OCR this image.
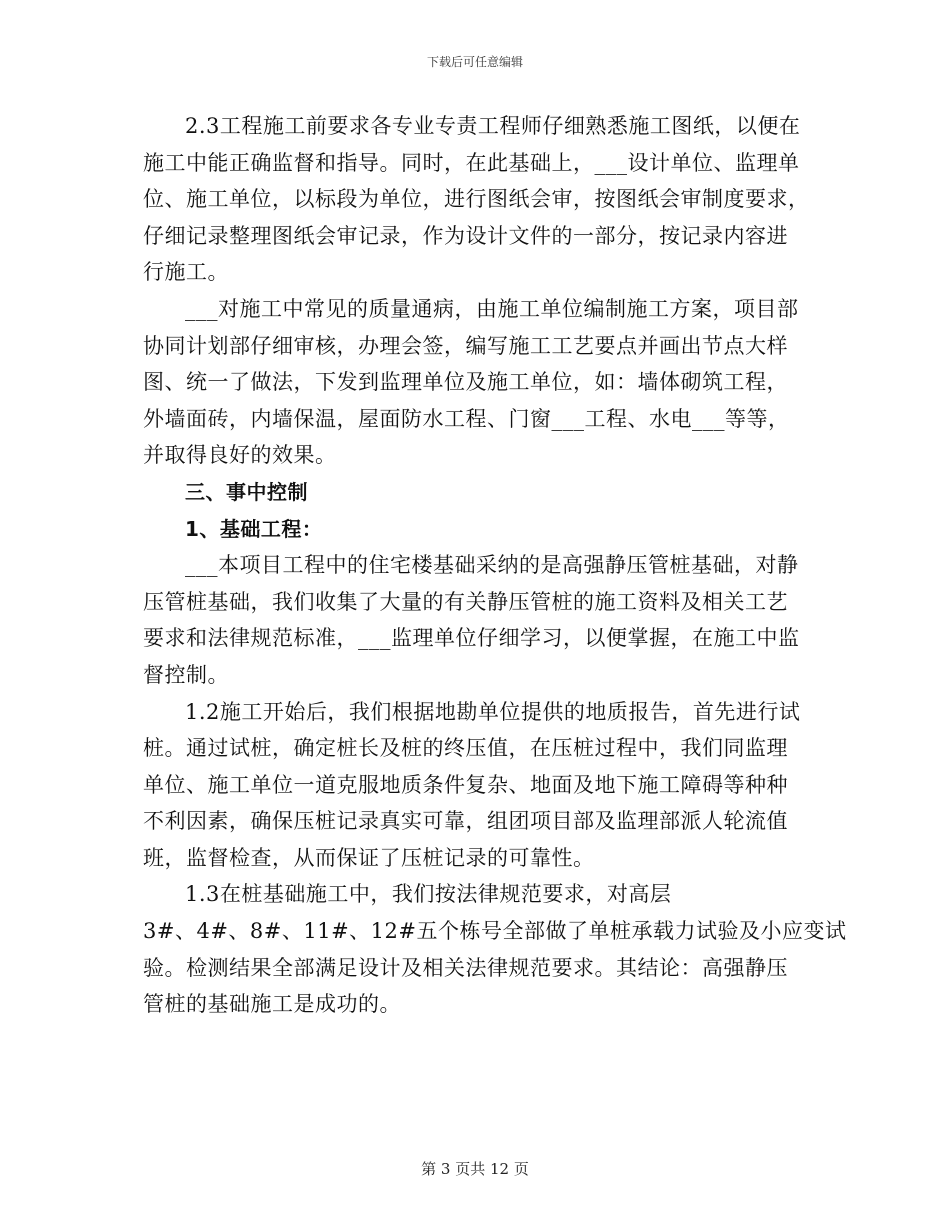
下载后可任意编辑
2.3工程施工前要求各专业专责工程师仔细熟悉施工图纸，以便在
施工中能正确监督和指导。同时，在此基础上，___设计单位、监理单
位、施工单位，以标段为单位，进行图纸会审，按图纸会审制度要求，
仔细记录整理图纸会审记录，作为设计文件的一部分，按记录内容进
行施工。
___对施工中常见的质量通病，由施工单位编制施工方案，项目部
协同计划部仔细审核，办理会签，编写施工工艺要点并画出节点大样
图、统一了做法，下发到监理单位及施工单位，如：墙体砌筑工程，
外墙面砖，内墙保温，屋面防水工程、门窗___工程、水电___等等，
并取得良好的效果。
三、事中控制
1、基础工程：
___本项目工程中的住宅楼基础采纳的是高强静压管桩基础，对静
压管桩基础，我们收集了大量的有关静压管桩的施工资料及相关工艺
要求和法律规范标准，___监理单位仔细学习，以便掌握，在施工中监
督控制。
1.2施工开始后，我们根据地勘单位提供的地质报告，首先进行试
桩。通过试桩，确定桩长及桩的终压值，在压桩过程中，我们同监理
单位、施工单位一道克服地质条件复杂、地面及地下施工障碍等种种
不利因素，确保压桩记录真实可靠，组团项目部及监理部派人轮流值
班，监督检查，从而保证了压桩记录的可靠性。
1.3在桩基础施工中，我们按法律规范要求，对高层
3#、4#、8#、11#、12#五个栋号全部做了单桩承载力试验及小应变试
验。检测结果全部满足设计及相关法律规范要求。其结论：高强静压
管桩的基础施工是成功的。
第 3 页共 12 页
